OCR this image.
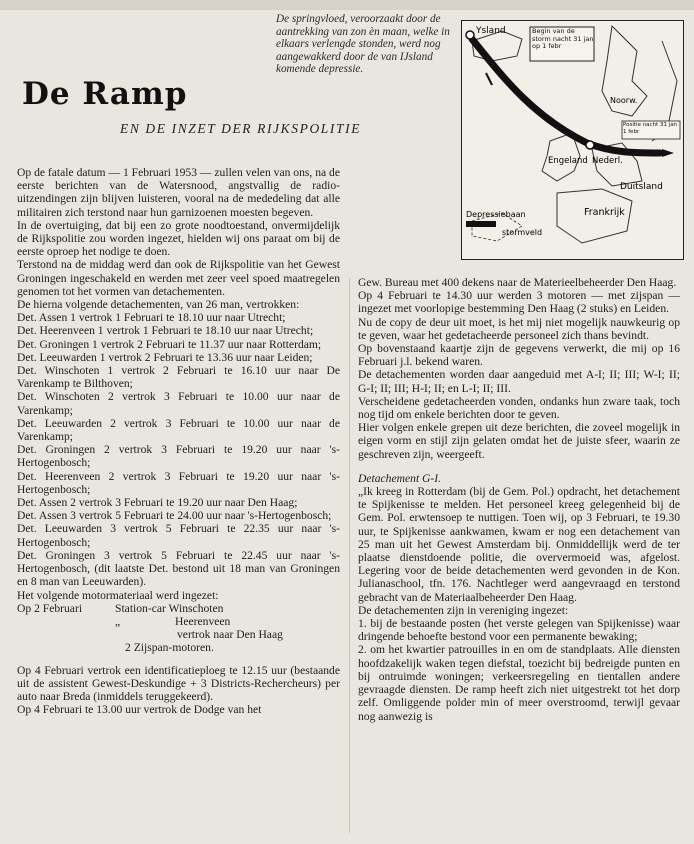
De springvloed, veroorzaakt door de aantrekking van zon èn maan, welke in elkaars verlengde stonden, werd nog aangewakkerd door de van IJsland komende depressie.

De Ramp

EN DE INZET DER RIJKSPOLITIE

Ysland	Begin van de storm nacht 31 jan op 1 febr
Noorw.
Positie nacht 31 jan 1 febr
Engeland Nederl.
Duitsland
Frankrijk
Depressiebaan
stormveld

Op de fatale datum — 1 Februari 1953 — zullen velen van ons, na de eerste berichten van de Watersnood, angstvallig de radio-uitzendingen zijn blijven luisteren, vooral na de mededeling dat alle militairen zich terstond naar hun garnizoenen moesten begeven.

In de overtuiging, dat bij een zo grote noodtoestand, onvermijdelijk de Rijkspolitie zou worden ingezet, hielden wij ons paraat om bij de eerste oproep het nodige te doen.

Terstond na de middag werd dan ook de Rijkspolitie van het Gewest Groningen ingeschakeld en werden met zeer veel spoed maatregelen genomen tot het vormen van detachementen.

De hierna volgende detachementen, van 26 man, vertrokken:

Det. Assen 1 vertrok 1 Februari te 18.10 uur naar Utrecht;

Det. Heerenveen 1 vertrok 1 Februari te 18.10 uur naar Utrecht;

Det. Groningen 1 vertrok 2 Februari te 11.37 uur naar Rotterdam;

Det. Leeuwarden 1 vertrok 2 Februari te 13.36 uur naar Leiden;

Det. Winschoten 1 vertrok 2 Februari te 16.10 uur naar De Varenkamp te Bilthoven;

Det. Winschoten 2 vertrok 3 Februari te 10.00 uur naar de Varenkamp;

Det. Leeuwarden 2 vertrok 3 Februari te 10.00 uur naar de Varenkamp;

Det. Groningen 2 vertrok 3 Februari te 19.20 uur naar 's-Hertogenbosch;

Det. Heerenveen 2 vertrok 3 Februari te 19.20 uur naar 's-Hertogenbosch;

Det. Assen 2 vertrok 3 Februari te 19.20 uur naar Den Haag;

Det. Assen 3 vertrok 5 Februari te 24.00 uur naar 's-Hertogenbosch;

Det. Leeuwarden 3 vertrok 5 Februari te 22.35 uur naar 's-Hertogenbosch;

Det. Groningen 3 vertrok 5 Februari te 22.45 uur naar 's-Hertogenbosch, (dit laatste Det. bestond uit 18 man van Groningen en 8 man van Leeuwarden).

Het volgende motormateriaal werd ingezet:

Op 2 Februari	Station-car Winschoten
„	Heerenveen
vertrok naar Den Haag
2 Zijspan-motoren.

Op 4 Februari vertrok een identificatieploeg te 12.15 uur (bestaande uit de assistent Gewest-Deskundige + 3 Districts-Rechercheurs) per auto naar Breda (inmiddels teruggekeerd).

Op 4 Februari te 13.00 uur vertrok de Dodge van het

Gew. Bureau met 400 dekens naar de Materieelbeheerder Den Haag.

Op 4 Februari te 14.30 uur werden 3 motoren — met zijspan — ingezet met voorlopige bestemming Den Haag (2 stuks) en Leiden.

Nu de copy de deur uit moet, is het mij niet mogelijk nauwkeurig op te geven, waar het gedetacheerde personeel zich thans bevindt.

Op bovenstaand kaartje zijn de gegevens verwerkt, die mij op 16 Februari j.l. bekend waren.

De detachementen worden daar aangeduid met A-I; II; III; W-I; II; G-I; II; III; H-I; II; en L-I; II; III.

Verscheidene gedetacheerden vonden, ondanks hun zware taak, toch nog tijd om enkele berichten door te geven.

Hier volgen enkele grepen uit deze berichten, die zoveel mogelijk in eigen vorm en stijl zijn gelaten omdat het de juiste sfeer, waarin ze geschreven zijn, weergeeft.

Detachement G-I.

„Ik kreeg in Rotterdam (bij de Gem. Pol.) opdracht, het detachement te Spijkenisse te melden. Het personeel kreeg gelegenheid bij de Gem. Pol. erwtensoep te nuttigen. Toen wij, op 3 Februari, te 19.30 uur, te Spijkenisse aankwamen, kwam er nog een detachement van 25 man uit het Gewest Amsterdam bij. Onmiddellijk werd de ter plaatse dienstdoende politie, die oververmoeid was, afgelost. Legering voor de beide detachementen werd gevonden in de Kon. Julianaschool, tfn. 176. Nachtleger werd aangevraagd en terstond gebracht van de Materiaalbeheerder Den Haag.

De detachementen zijn in vereniging ingezet:

1. bij de bestaande posten (het verste gelegen van Spijkenisse) waar dringende behoefte bestond voor een permanente bewaking;

2. om het kwartier patrouilles in en om de standplaats. Alle diensten hoofdzakelijk waken tegen diefstal, toezicht bij bedreigde punten en bij ontruimde woningen; verkeersregeling en tientallen andere gevraagde diensten. De ramp heeft zich niet uitgestrekt tot het dorp zelf. Omliggende polder min of meer overstroomd, terwijl gevaar nog aanwezig is
